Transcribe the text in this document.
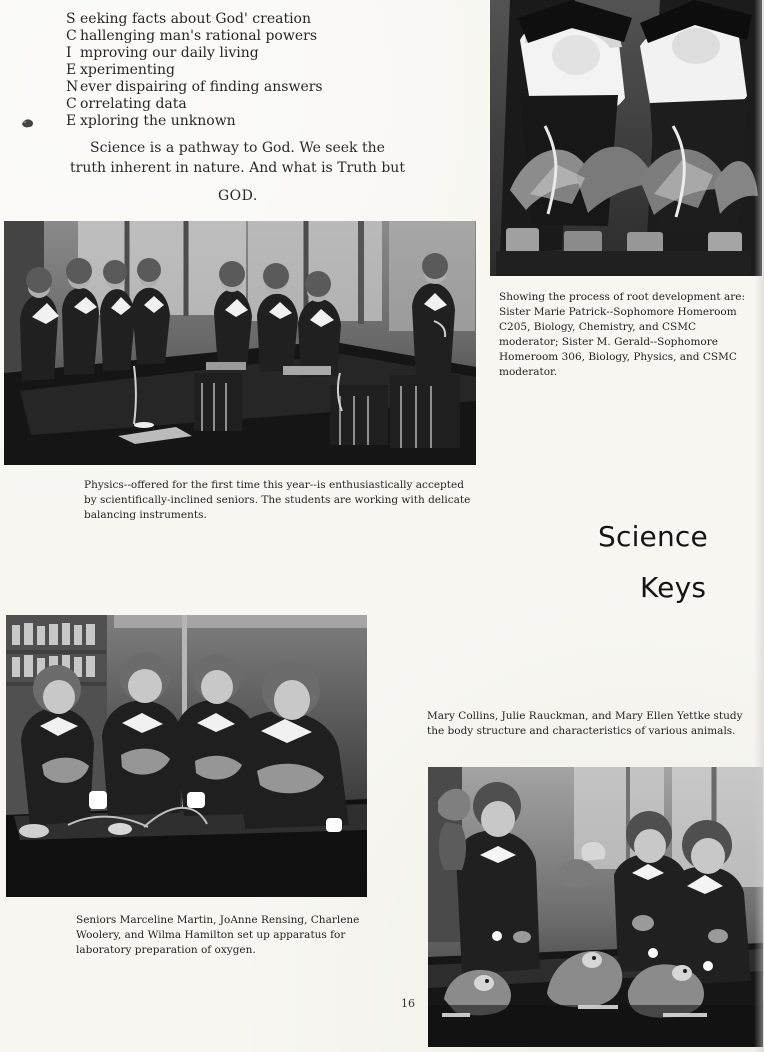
S eeking facts about God' creation
C hallenging man's rational powers
I mproving our daily living
E xperimenting
N ever dispairing of finding answers
C orrelating data
E xploring the unknown

Science is a pathway to God. We seek the truth inherent in nature. And what is Truth but

GOD.
Showing the process of root development are: Sister Marie Patrick--Sophomore Homeroom C205, Biology, Chemistry, and CSMC moderator; Sister M. Gerald--Sophomore Homeroom 306, Biology, Physics, and CSMC moderator.
Physics--offered for the first time this year--is enthusiastically accepted by scientifically-inclined seniors. The students are working with delicate balancing instruments.
Science
Keys
Mary Collins, Julie Rauckman, and Mary Ellen Yettke study the body structure and characteristics of various animals.
Seniors Marceline Martin, JoAnne Rensing, Charlene Woolery, and Wilma Hamilton set up apparatus for laboratory preparation of oxygen.
16
